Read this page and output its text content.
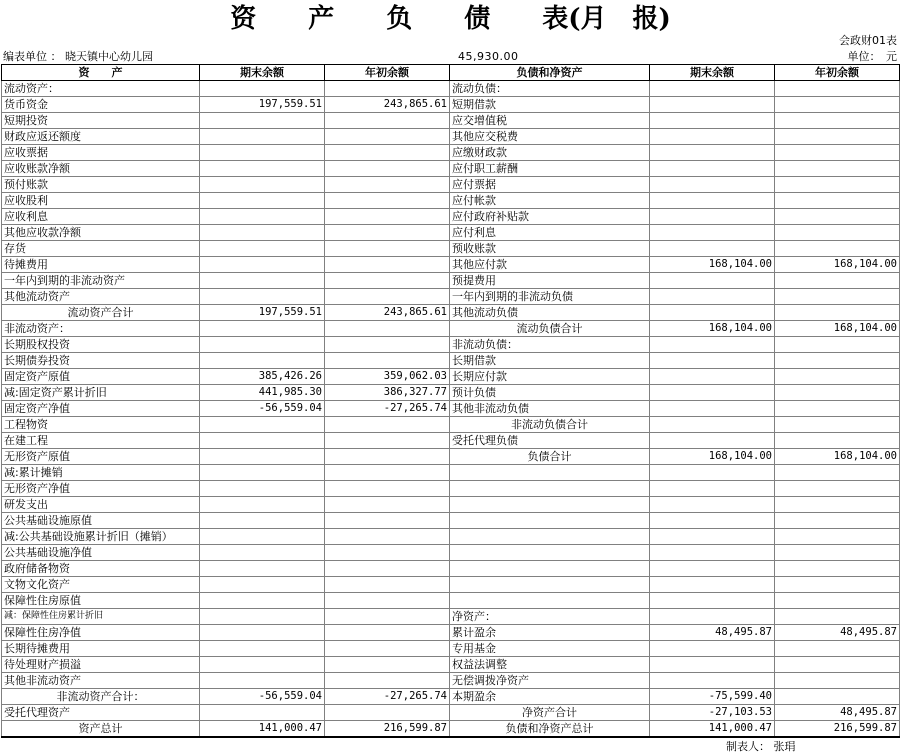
资　　产　　负　　债　　表(月　报)
会政财01表
编表单位 ： 晓天镇中心幼儿园	45,930.00	单位：　元
资　　产	期末余额	年初余额	负债和净资产	期末余额	年初余额
流动资产：			流动负债：		
货币资金	197,559.51	243,865.61	短期借款		
短期投资			应交增值税		
财政应返还额度			其他应交税费		
应收票据			应缴财政款		
应收账款净额			应付职工薪酬		
预付账款			应付票据		
应收股利			应付帐款		
应收利息			应付政府补贴款		
其他应收款净额			应付利息		
存货			预收账款		
待摊费用			其他应付款	168,104.00	168,104.00
一年内到期的非流动资产			预提费用		
其他流动资产			一年内到期的非流动负债		
流动资产合计	197,559.51	243,865.61	其他流动负债		
非流动资产：			流动负债合计	168,104.00	168,104.00
长期股权投资			非流动负债：		
长期债券投资			长期借款		
固定资产原值	385,426.26	359,062.03	长期应付款		
减:固定资产累计折旧	441,985.30	386,327.77	预计负债		
固定资产净值	-56,559.04	-27,265.74	其他非流动负债		
工程物资			非流动负债合计		
在建工程			受托代理负债		
无形资产原值			负债合计	168,104.00	168,104.00
减:累计摊销					
无形资产净值					
研发支出					
公共基础设施原值					
减:公共基础设施累计折旧（摊销）					
公共基础设施净值					
政府储备物资					
文物文化资产					
保障性住房原值					
减：保障性住房累计折旧			净资产：		
保障性住房净值			累计盈余	48,495.87	48,495.87
长期待摊费用			专用基金		
待处理财产损溢			权益法调整		
其他非流动资产			无偿调拨净资产		
非流动资产合计：	-56,559.04	-27,265.74	本期盈余	-75,599.40	
受托代理资产			净资产合计	-27,103.53	48,495.87
资产总计	141,000.47	216,599.87	负债和净资产总计	141,000.47	216,599.87
制表人： 张琄
